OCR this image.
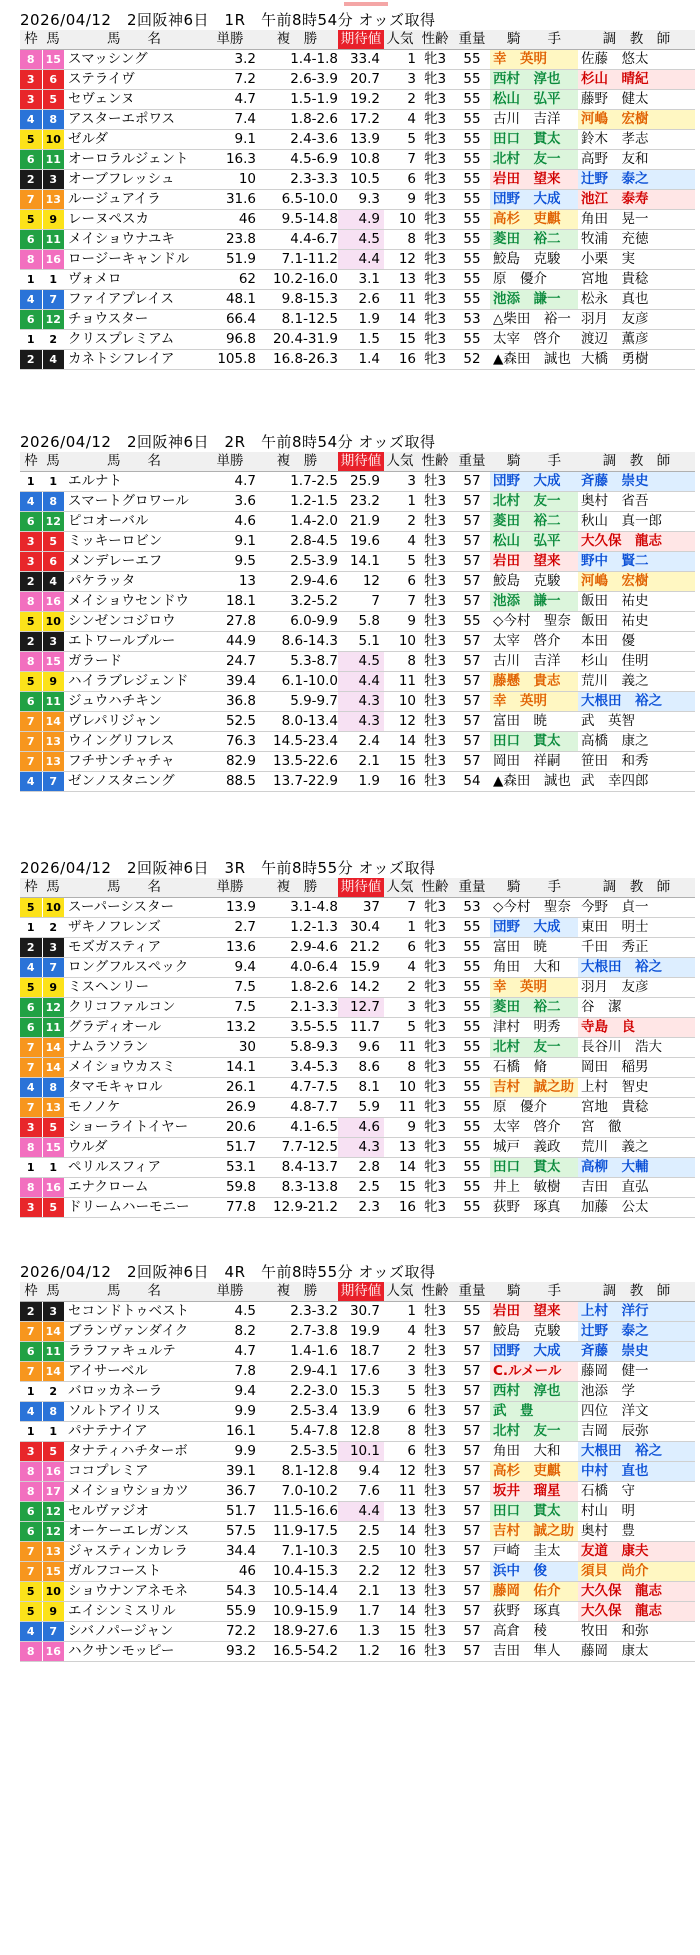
2026/04/12　2回阪神6日　1R　午前8時54分 オッズ取得
枠	馬	馬　　名	単勝	複　勝	期待値	人気	性齢	重量	騎　　手	調　教　師
8	15	スマッシング	3.2	1.4-1.8	33.4	1	牝3	55	幸　英明	佐藤　悠太
3	6	ステライヴ	7.2	2.6-3.9	20.7	3	牝3	55	西村　淳也	杉山　晴紀
3	5	セヴェンヌ	4.7	1.5-1.9	19.2	2	牝3	55	松山　弘平	藤野　健太
4	8	アスターエポワス	7.4	1.8-2.6	17.2	4	牝3	55	古川　吉洋	河嶋　宏樹
5	10	ゼルダ	9.1	2.4-3.6	13.9	5	牝3	55	田口　貫太	鈴木　孝志
6	11	オーロラルジェント	16.3	4.5-6.9	10.8	7	牝3	55	北村　友一	高野　友和
2	3	オーブフレッシュ	10	2.3-3.3	10.5	6	牝3	55	岩田　望来	辻野　泰之
7	13	ルージュアイラ	31.6	6.5-10.0	9.3	9	牝3	55	団野　大成	池江　泰寿
5	9	レーヌペスカ	46	9.5-14.8	4.9	10	牝3	55	高杉　吏麒	角田　晃一
6	11	メイショウナユキ	23.8	4.4-6.7	4.5	8	牝3	55	菱田　裕二	牧浦　充徳
8	16	ロージーキャンドル	51.9	7.1-11.2	4.4	12	牝3	55	鮫島　克駿	小栗　実
1	1	ヴォメロ	62	10.2-16.0	3.1	13	牝3	55	原　優介	宮地　貴稔
4	7	ファイアプレイス	48.1	9.8-15.3	2.6	11	牝3	55	池添　謙一	松永　真也
6	12	チョウスター	66.4	8.1-12.5	1.9	14	牝3	53	△柴田　裕一	羽月　友彦
1	2	クリスプレミアム	96.8	20.4-31.9	1.5	15	牝3	55	太宰　啓介	渡辺　薫彦
2	4	カネトシフレイア	105.8	16.8-26.3	1.4	16	牝3	52	▲森田　誠也	大橋　勇樹
2026/04/12　2回阪神6日　2R　午前8時54分 オッズ取得
枠	馬	馬　　名	単勝	複　勝	期待値	人気	性齢	重量	騎　　手	調　教　師
1	1	エルナト	4.7	1.7-2.5	25.9	3	牡3	57	団野　大成	斉藤　崇史
4	8	スマートグロワール	3.6	1.2-1.5	23.2	1	牡3	57	北村　友一	奥村　省吾
6	12	ピコオーバル	4.6	1.4-2.0	21.9	2	牡3	57	菱田　裕二	秋山　真一郎
3	5	ミッキーロビン	9.1	2.8-4.5	19.6	4	牡3	57	松山　弘平	大久保　龍志
3	6	メンデレーエフ	9.5	2.5-3.9	14.1	5	牡3	57	岩田　望来	野中　賢二
2	4	パケラッタ	13	2.9-4.6	12	6	牡3	57	鮫島　克駿	河嶋　宏樹
8	16	メイショウセンドウ	18.1	3.2-5.2	7	7	牡3	57	池添　謙一	飯田　祐史
5	10	シンゼンコジロウ	27.8	6.0-9.9	5.8	9	牡3	55	◇今村　聖奈	飯田　祐史
2	3	エトワールブルー	44.9	8.6-14.3	5.1	10	牡3	57	太宰　啓介	本田　優
8	15	ガラード	24.7	5.3-8.7	4.5	8	牡3	57	古川　吉洋	杉山　佳明
5	9	ハイラブレジェンド	39.4	6.1-10.0	4.4	11	牡3	57	藤懸　貴志	荒川　義之
6	11	ジュウハチキン	36.8	5.9-9.7	4.3	10	牡3	57	幸　英明	大根田　裕之
7	14	ヴレパリジャン	52.5	8.0-13.4	4.3	12	牡3	57	富田　暁	武　英智
7	13	ウイングリフレス	76.3	14.5-23.4	2.4	14	牡3	57	田口　貫太	高橋　康之
7	13	フチサンチャチャ	82.9	13.5-22.6	2.1	15	牡3	57	岡田　祥嗣	笹田　和秀
4	7	ゼンノスタニング	88.5	13.7-22.9	1.9	16	牡3	54	▲森田　誠也	武　幸四郎
2026/04/12　2回阪神6日　3R　午前8時55分 オッズ取得
枠	馬	馬　　名	単勝	複　勝	期待値	人気	性齢	重量	騎　　手	調　教　師
5	10	スーパーシスター	13.9	3.1-4.8	37	7	牝3	53	◇今村　聖奈	今野　貞一
1	2	ザキノフレンズ	2.7	1.2-1.3	30.4	1	牝3	55	団野　大成	東田　明士
2	3	モズガスティア	13.6	2.9-4.6	21.2	6	牝3	55	富田　暁	千田　秀正
4	7	ロングフルスペック	9.4	4.0-6.4	15.9	4	牝3	55	角田　大和	大根田　裕之
5	9	ミスヘンリー	7.5	1.8-2.6	14.2	2	牝3	55	幸　英明	羽月　友彦
6	12	クリコファルコン	7.5	2.1-3.3	12.7	3	牝3	55	菱田　裕二	谷　潔
6	11	グラディオール	13.2	3.5-5.5	11.7	5	牝3	55	津村　明秀	寺島　良
7	14	ナムラソラン	30	5.8-9.3	9.6	11	牝3	55	北村　友一	長谷川　浩大
7	14	メイショウカスミ	14.1	3.4-5.3	8.6	8	牝3	55	石橋　脩	岡田　稲男
4	8	タマモキャロル	26.1	4.7-7.5	8.1	10	牝3	55	吉村　誠之助	上村　智史
7	13	モノノケ	26.9	4.8-7.7	5.9	11	牝3	55	原　優介	宮地　貴稔
3	5	ショーライトイヤー	20.6	4.1-6.5	4.6	9	牝3	55	太宰　啓介	宮　徹
8	15	ウルダ	51.7	7.7-12.5	4.3	13	牝3	55	城戸　義政	荒川　義之
1	1	ペリルスフィア	53.1	8.4-13.7	2.8	14	牝3	55	田口　貫太	高柳　大輔
8	16	エナクローム	59.8	8.3-13.8	2.5	15	牝3	55	井上　敏樹	吉田　直弘
3	5	ドリームハーモニー	77.8	12.9-21.2	2.3	16	牝3	55	荻野　琢真	加藤　公太
2026/04/12　2回阪神6日　4R　午前8時55分 オッズ取得
枠	馬	馬　　名	単勝	複　勝	期待値	人気	性齢	重量	騎　　手	調　教　師
2	3	セコンドトゥベスト	4.5	2.3-3.2	30.7	1	牡3	55	岩田　望来	上村　洋行
7	14	ブランヴァンダイク	8.2	2.7-3.8	19.9	4	牡3	57	鮫島　克駿	辻野　泰之
6	11	ララファキュルテ	4.7	1.4-1.6	18.7	2	牡3	57	団野　大成	斉藤　崇史
7	14	アイサーベル	7.8	2.9-4.1	17.6	3	牡3	57	C.ルメール	藤岡　健一
1	2	バロッカネーラ	9.4	2.2-3.0	15.3	5	牡3	57	西村　淳也	池添　学
4	8	ソルトアイリス	9.9	2.5-3.4	13.9	6	牡3	57	武　豊	四位　洋文
1	1	パナテナイア	16.1	5.4-7.8	12.8	8	牡3	57	北村　友一	吉岡　辰弥
3	5	タナティハチターボ	9.9	2.5-3.5	10.1	6	牡3	57	角田　大和	大根田　裕之
8	16	ココプレミア	39.1	8.1-12.8	9.4	12	牡3	57	高杉　吏麒	中村　直也
8	17	メイショウショカツ	36.7	7.0-10.2	7.6	11	牡3	57	坂井　瑠星	石橋　守
6	12	セルヴァジオ	51.7	11.5-16.6	4.4	13	牡3	57	田口　貫太	村山　明
6	12	オーケーエレガンス	57.5	11.9-17.5	2.5	14	牡3	57	吉村　誠之助	奥村　豊
7	13	ジャスティンカレラ	34.4	7.1-10.3	2.5	10	牡3	57	戸崎　圭太	友道　康夫
7	15	ガルフコースト	46	10.4-15.3	2.2	12	牡3	57	浜中　俊	須貝　尚介
5	10	ショウナンアネモネ	54.3	10.5-14.4	2.1	13	牡3	57	藤岡　佑介	大久保　龍志
5	9	エイシンミスリル	55.9	10.9-15.9	1.7	14	牡3	57	荻野　琢真	大久保　龍志
4	7	シバノパージャン	72.2	18.9-27.6	1.3	15	牡3	57	高倉　稜	牧田　和弥
8	16	ハクサンモッピー	93.2	16.5-54.2	1.2	16	牡3	57	吉田　隼人	藤岡　康太
